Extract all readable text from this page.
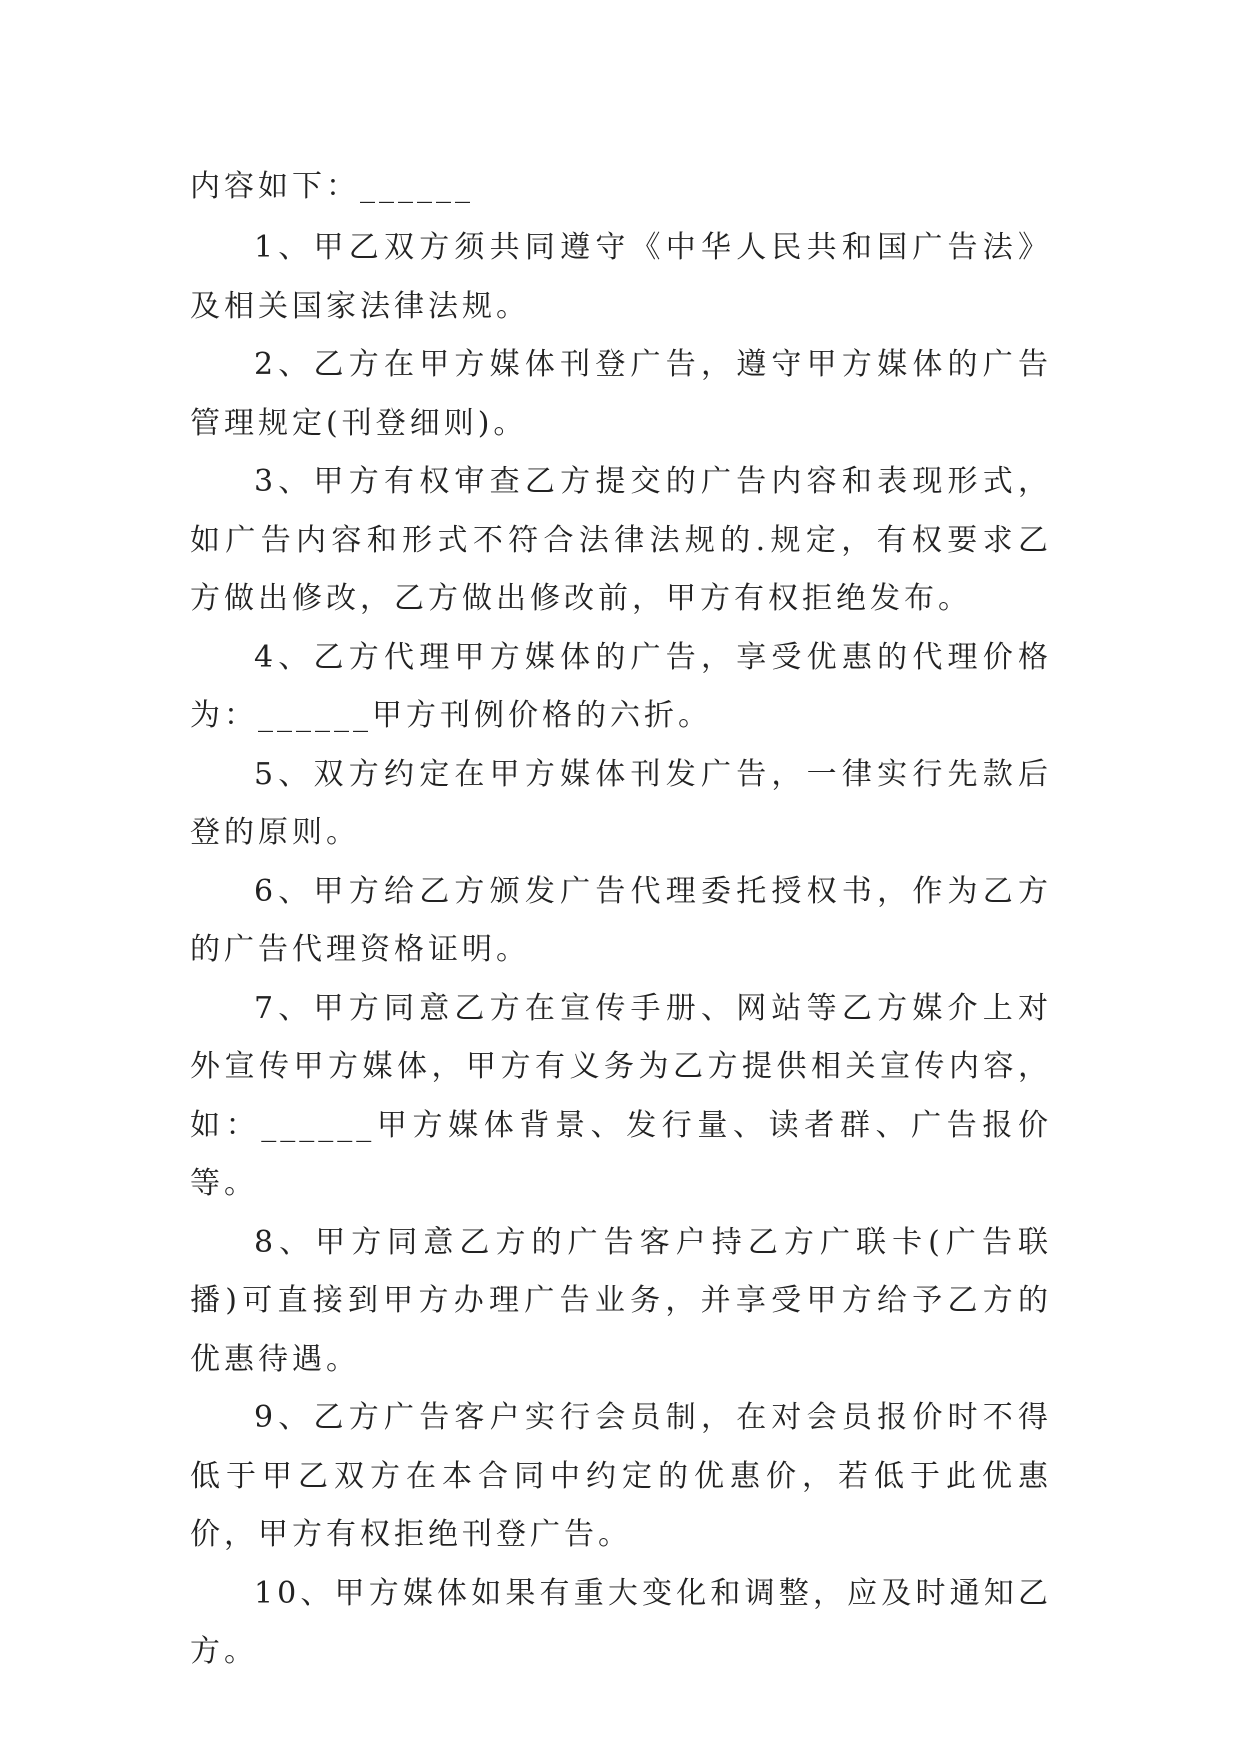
内容如下：______

1、甲乙双方须共同遵守《中华人民共和国广告法》及相关国家法律法规。

2、乙方在甲方媒体刊登广告，遵守甲方媒体的广告管理规定(刊登细则)。

3、甲方有权审查乙方提交的广告内容和表现形式，如广告内容和形式不符合法律法规的.规定，有权要求乙方做出修改，乙方做出修改前，甲方有权拒绝发布。

4、乙方代理甲方媒体的广告，享受优惠的代理价格为：______甲方刊例价格的六折。

5、双方约定在甲方媒体刊发广告，一律实行先款后登的原则。

6、甲方给乙方颁发广告代理委托授权书，作为乙方的广告代理资格证明。

7、甲方同意乙方在宣传手册、网站等乙方媒介上对外宣传甲方媒体，甲方有义务为乙方提供相关宣传内容，如：______甲方媒体背景、发行量、读者群、广告报价等。

8、甲方同意乙方的广告客户持乙方广联卡(广告联播)可直接到甲方办理广告业务，并享受甲方给予乙方的优惠待遇。

9、乙方广告客户实行会员制，在对会员报价时不得低于甲乙双方在本合同中约定的优惠价，若低于此优惠价，甲方有权拒绝刊登广告。

10、甲方媒体如果有重大变化和调整，应及时通知乙方。
